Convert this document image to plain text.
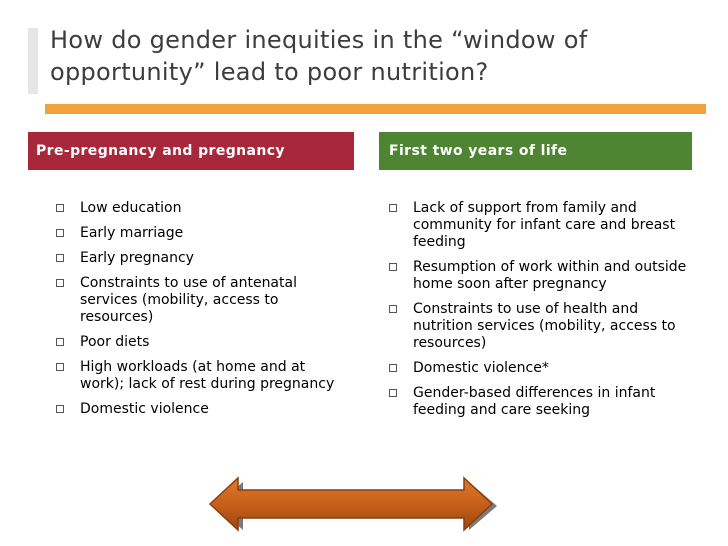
How do gender inequities in the “window of opportunity” lead to poor nutrition?
Pre-pregnancy and pregnancy	First two years of life
Low education
Early marriage
Early pregnancy
Constraints to use of antenatal services (mobility, access to resources)
Poor diets
High workloads (at home and at work); lack of rest during pregnancy
Domestic violence
Lack of support from family and community for infant care and breast feeding
Resumption of work within and outside home soon after pregnancy
Constraints to use of health and nutrition services (mobility, access to resources)
Domestic violence*
Gender-based differences in infant feeding and care seeking
